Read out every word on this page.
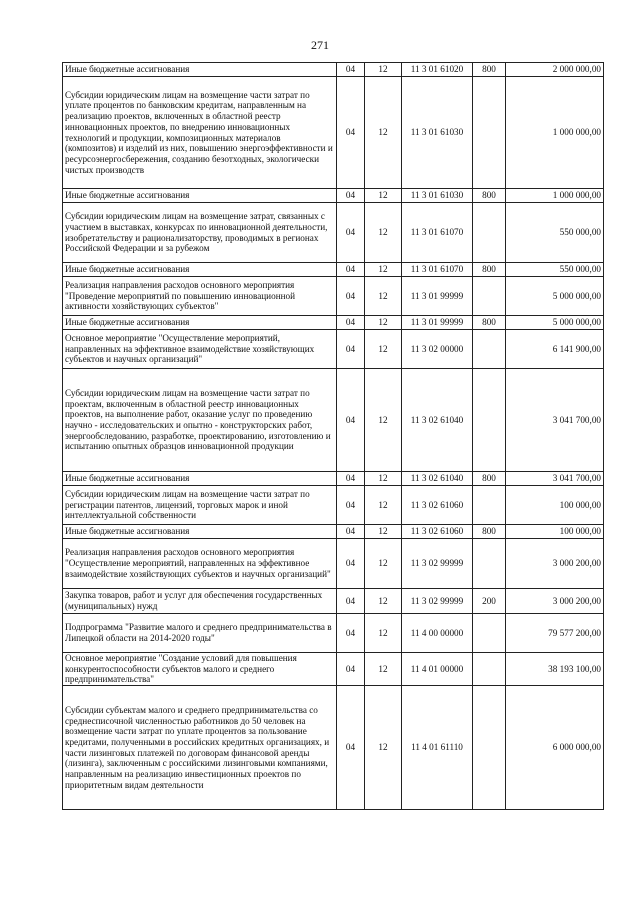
271
Иные бюджетные ассигнования	04	12	11 3 01 61020	800	2 000 000,00
Субсидии юридическим лицам на возмещение части затрат по уплате процентов по банковским кредитам, направленным на реализацию проектов, включенных в областной реестр инновационных проектов, по внедрению инновационных технологий и продукции, композиционных материалов (композитов) и изделий из них, повышению энергоэффективности и ресурсоэнергосбережения, созданию безотходных, экологически чистых производств	04	12	11 3 01 61030		1 000 000,00
Иные бюджетные ассигнования	04	12	11 3 01 61030	800	1 000 000,00
Субсидии юридическим лицам на возмещение затрат, связанных с участием в выставках, конкурсах по инновационной деятельности, изобретательству и рационализаторству, проводимых в регионах Российской Федерации и за рубежом	04	12	11 3 01 61070		550 000,00
Иные бюджетные ассигнования	04	12	11 3 01 61070	800	550 000,00
Реализация направления расходов основного мероприятия "Проведение мероприятий по повышению инновационной активности хозяйствующих субъектов"	04	12	11 3 01 99999		5 000 000,00
Иные бюджетные ассигнования	04	12	11 3 01 99999	800	5 000 000,00
Основное мероприятие "Осуществление мероприятий, направленных на эффективное взаимодействие хозяйствующих субъектов и научных организаций"	04	12	11 3 02 00000		6 141 900,00
Субсидии юридическим лицам на возмещение части затрат по проектам, включенным в областной реестр инновационных проектов, на выполнение работ, оказание услуг по проведению научно - исследовательских и опытно - конструкторских работ, энергообследованию, разработке, проектированию, изготовлению и испытанию опытных образцов инновационной продукции	04	12	11 3 02 61040		3 041 700,00
Иные бюджетные ассигнования	04	12	11 3 02 61040	800	3 041 700,00
Субсидии юридическим лицам на возмещение части затрат по регистрации патентов, лицензий, торговых марок и иной интеллектуальной собственности	04	12	11 3 02 61060		100 000,00
Иные бюджетные ассигнования	04	12	11 3 02 61060	800	100 000,00
Реализация направления расходов основного мероприятия "Осуществление мероприятий, направленных на эффективное взаимодействие хозяйствующих субъектов и научных организаций"	04	12	11 3 02 99999		3 000 200,00
Закупка товаров, работ и услуг для обеспечения государственных (муниципальных) нужд	04	12	11 3 02 99999	200	3 000 200,00
Подпрограмма "Развитие малого и среднего предпринимательства в Липецкой области на 2014-2020 годы"	04	12	11 4 00 00000		79 577 200,00
Основное мероприятие "Создание условий для повышения конкурентоспособности субъектов малого и среднего предпринимательства"	04	12	11 4 01 00000		38 193 100,00
Субсидии субъектам малого и среднего предпринимательства со среднесписочной численностью работников до 50 человек на возмещение части затрат по уплате процентов за пользование кредитами, полученными в российских кредитных организациях, и части лизинговых платежей по договорам финансовой аренды (лизинга), заключенным с российскими лизинговыми компаниями, направленным на реализацию инвестиционных проектов по приоритетным видам деятельности	04	12	11 4 01 61110		6 000 000,00
